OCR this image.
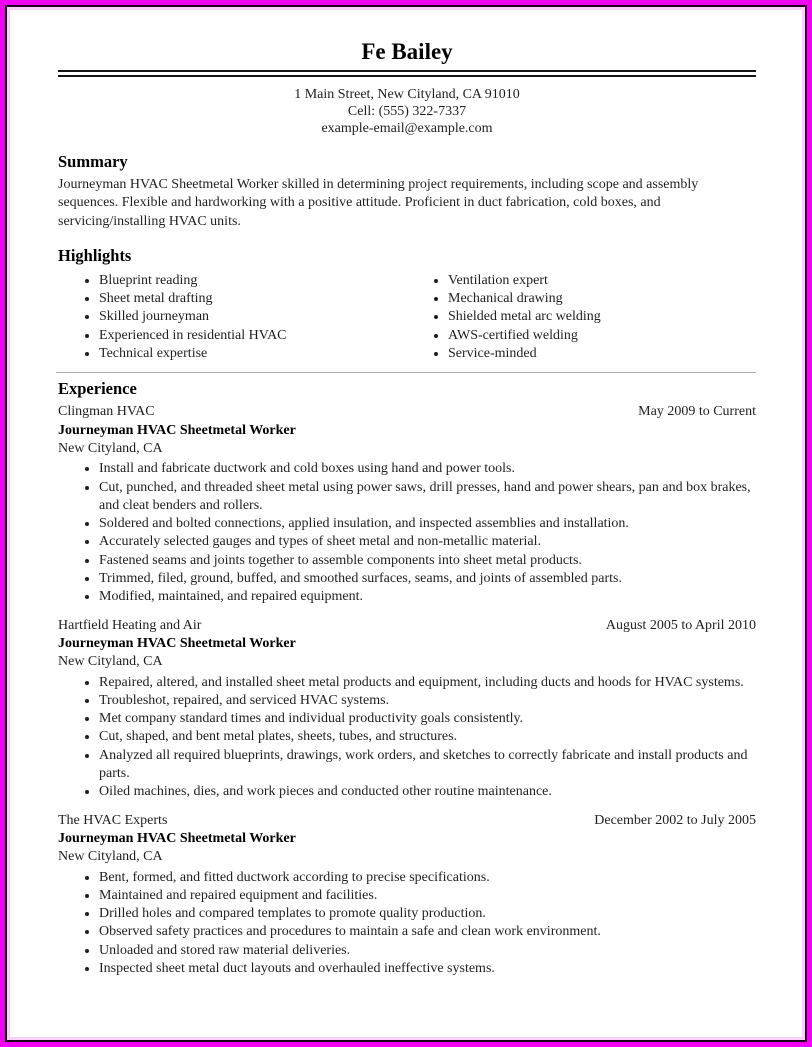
Fe Bailey
1 Main Street, New Cityland, CA 91010
Cell: (555) 322-7337
example-email@example.com
Summary

Journeyman HVAC Sheetmetal Worker skilled in determining project requirements, including scope and assembly sequences. Flexible and hardworking with a positive attitude. Proficient in duct fabrication, cold boxes, and servicing/installing HVAC units.

Highlights
• Blueprint reading
• Sheet metal drafting
• Skilled journeyman
• Experienced in residential HVAC
• Technical expertise
• Ventilation expert
• Mechanical drawing
• Shielded metal arc welding
• AWS-certified welding
• Service-minded
Experience
Clingman HVAC	May 2009 to Current
Journeyman HVAC Sheetmetal Worker
New Cityland, CA
• Install and fabricate ductwork and cold boxes using hand and power tools.
• Cut, punched, and threaded sheet metal using power saws, drill presses, hand and power shears, pan and box brakes, and cleat benders and rollers.
• Soldered and bolted connections, applied insulation, and inspected assemblies and installation.
• Accurately selected gauges and types of sheet metal and non-metallic material.
• Fastened seams and joints together to assemble components into sheet metal products.
• Trimmed, filed, ground, buffed, and smoothed surfaces, seams, and joints of assembled parts.
• Modified, maintained, and repaired equipment.
Hartfield Heating and Air	August 2005 to April 2010
Journeyman HVAC Sheetmetal Worker
New Cityland, CA
• Repaired, altered, and installed sheet metal products and equipment, including ducts and hoods for HVAC systems.
• Troubleshot, repaired, and serviced HVAC systems.
• Met company standard times and individual productivity goals consistently.
• Cut, shaped, and bent metal plates, sheets, tubes, and structures.
• Analyzed all required blueprints, drawings, work orders, and sketches to correctly fabricate and install products and parts.
• Oiled machines, dies, and work pieces and conducted other routine maintenance.
The HVAC Experts	December 2002 to July 2005
Journeyman HVAC Sheetmetal Worker
New Cityland, CA
• Bent, formed, and fitted ductwork according to precise specifications.
• Maintained and repaired equipment and facilities.
• Drilled holes and compared templates to promote quality production.
• Observed safety practices and procedures to maintain a safe and clean work environment.
• Unloaded and stored raw material deliveries.
• Inspected sheet metal duct layouts and overhauled ineffective systems.
